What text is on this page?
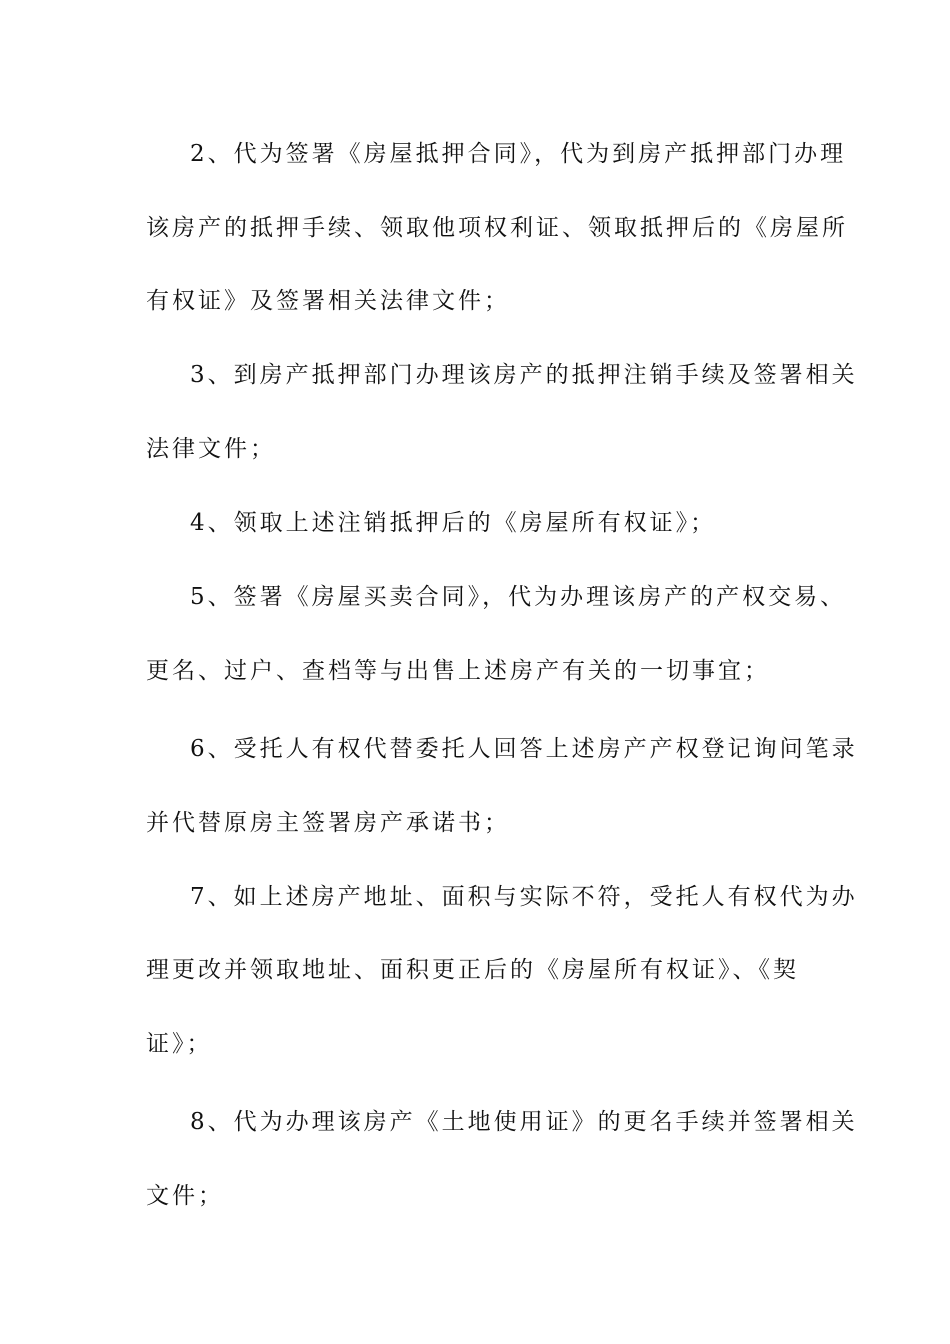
2、代为签署《房屋抵押合同》，代为到房产抵押部门办理
该房产的抵押手续、领取他项权利证、领取抵押后的《房屋所
有权证》及签署相关法律文件；
3、到房产抵押部门办理该房产的抵押注销手续及签署相关
法律文件；
4、领取上述注销抵押后的《房屋所有权证》；
5、签署《房屋买卖合同》，代为办理该房产的产权交易、
更名、过户、查档等与出售上述房产有关的一切事宜；
6、受托人有权代替委托人回答上述房产产权登记询问笔录
并代替原房主签署房产承诺书；
7、如上述房产地址、面积与实际不符，受托人有权代为办
理更改并领取地址、面积更正后的《房屋所有权证》、《契
证》；
8、代为办理该房产《土地使用证》的更名手续并签署相关
文件；
